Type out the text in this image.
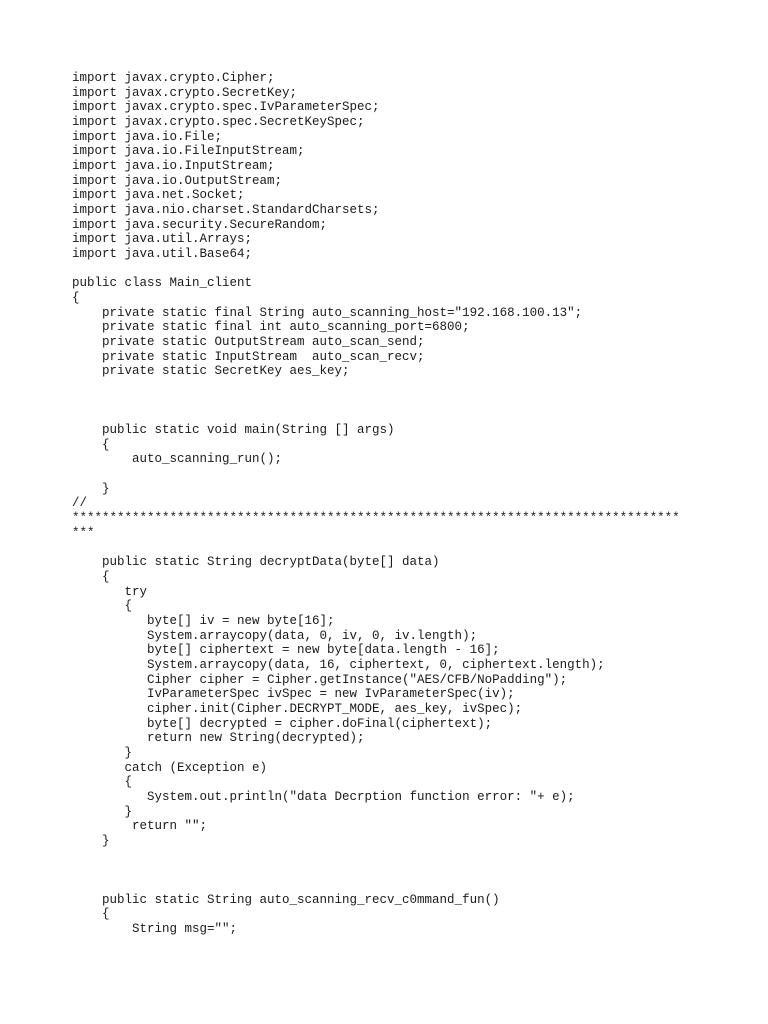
import javax.crypto.Cipher;
import javax.crypto.SecretKey;
import javax.crypto.spec.IvParameterSpec;
import javax.crypto.spec.SecretKeySpec;
import java.io.File;
import java.io.FileInputStream;
import java.io.InputStream;
import java.io.OutputStream;
import java.net.Socket;
import java.nio.charset.StandardCharsets;
import java.security.SecureRandom;
import java.util.Arrays;
import java.util.Base64;
public class Main_client
{
private static final String auto_scanning_host="192.168.100.13";
private static final int auto_scanning_port=6800;
private static OutputStream auto_scan_send;
private static InputStream  auto_scan_recv;
private static SecretKey aes_key;
public static void main(String [] args)
{
auto_scanning_run();
}
//
*********************************************************************************
***
public static String decryptData(byte[] data)
{
try
{
byte[] iv = new byte[16];
System.arraycopy(data, 0, iv, 0, iv.length);
byte[] ciphertext = new byte[data.length - 16];
System.arraycopy(data, 16, ciphertext, 0, ciphertext.length);
Cipher cipher = Cipher.getInstance("AES/CFB/NoPadding");
IvParameterSpec ivSpec = new IvParameterSpec(iv);
cipher.init(Cipher.DECRYPT_MODE, aes_key, ivSpec);
byte[] decrypted = cipher.doFinal(ciphertext);
return new String(decrypted);
}
catch (Exception e)
{
System.out.println("data Decrption function error: "+ e);
}
return "";
}
public static String auto_scanning_recv_c0mmand_fun()
{
String msg="";
